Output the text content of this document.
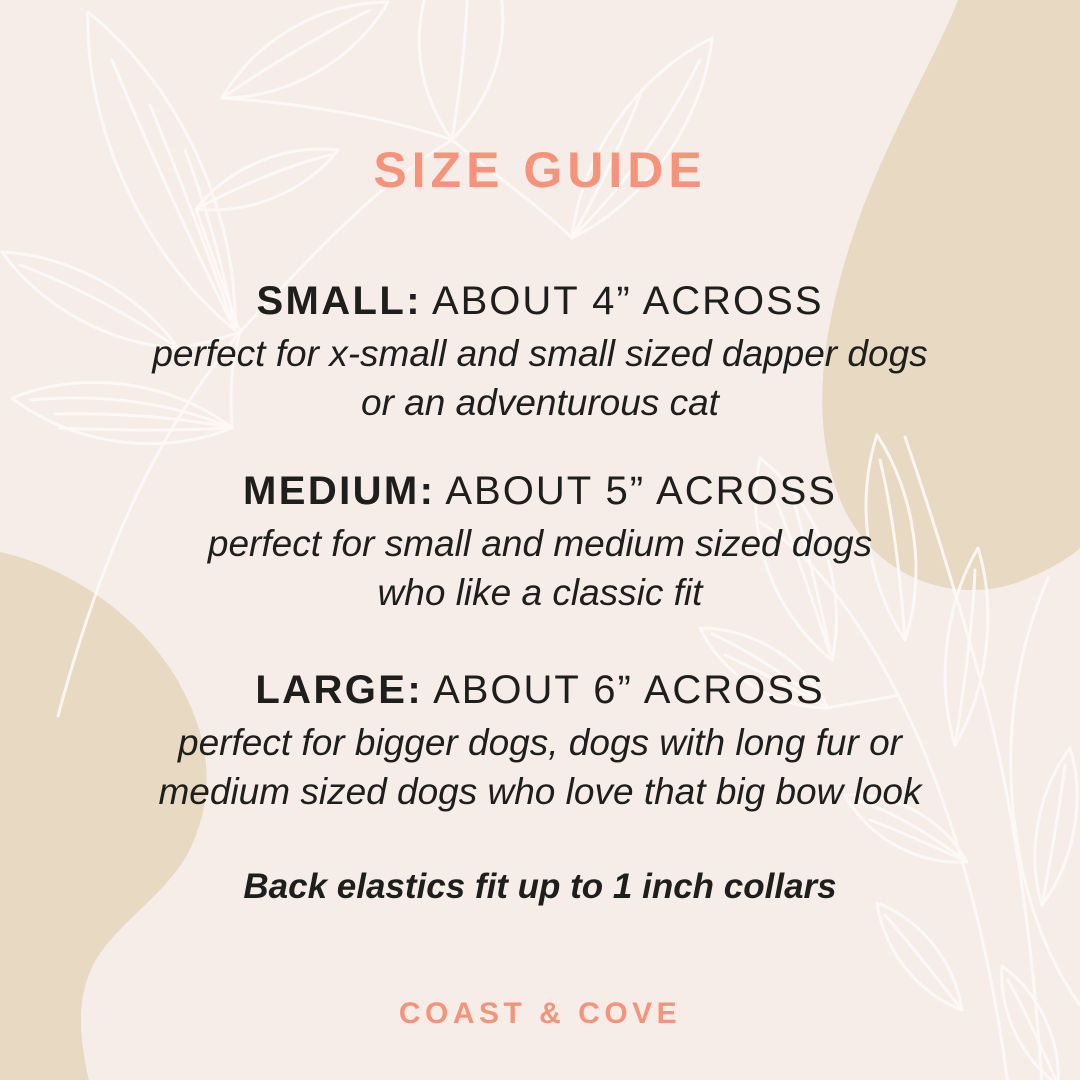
SIZE GUIDE
SMALL: ABOUT 4” ACROSS

perfect for x-small and small sized dapper dogs
or an adventurous cat

MEDIUM: ABOUT 5” ACROSS

perfect for small and medium sized dogs
who like a classic fit

LARGE: ABOUT 6” ACROSS

perfect for bigger dogs, dogs with long fur or
medium sized dogs who love that big bow look

Back elastics fit up to 1 inch collars

COAST & COVE
